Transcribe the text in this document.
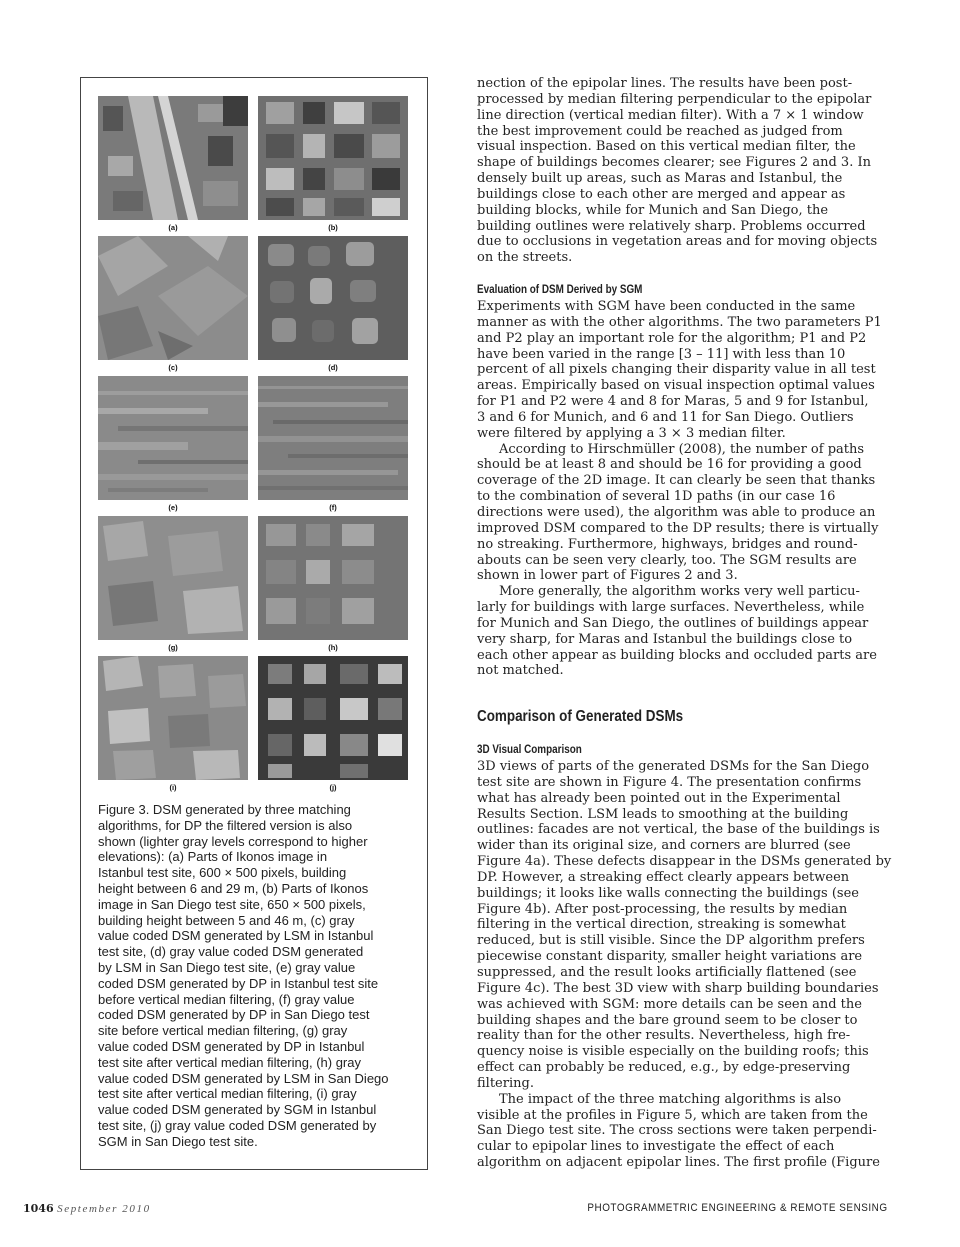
(a)	(b)
(c)	(d)
(e)	(f)
(g)	(h)
(i)	(j)
Figure 3. DSM generated by three matching
algorithms, for DP the filtered version is also
shown (lighter gray levels correspond to higher
elevations): (a) Parts of Ikonos image in
Istanbul test site, 600 × 500 pixels, building
height between 6 and 29 m, (b) Parts of Ikonos
image in San Diego test site, 650 × 500 pixels,
building height between 5 and 46 m, (c) gray
value coded DSM generated by LSM in Istanbul
test site, (d) gray value coded DSM generated
by LSM in San Diego test site, (e) gray value
coded DSM generated by DP in Istanbul test site
before vertical median filtering, (f) gray value
coded DSM generated by DP in San Diego test
site before vertical median filtering, (g) gray
value coded DSM generated by DP in Istanbul
test site after vertical median filtering, (h) gray
value coded DSM generated by LSM in San Diego
test site after vertical median filtering, (i) gray
value coded DSM generated by SGM in Istanbul
test site, (j) gray value coded DSM generated by
SGM in San Diego test site.
nection of the epipolar lines. The results have been post-
processed by median filtering perpendicular to the epipolar
line direction (vertical median filter). With a 7 × 1 window
the best improvement could be reached as judged from
visual inspection. Based on this vertical median filter, the
shape of buildings becomes clearer; see Figures 2 and 3. In
densely built up areas, such as Maras and Istanbul, the
buildings close to each other are merged and appear as
building blocks, while for Munich and San Diego, the
building outlines were relatively sharp. Problems occurred
due to occlusions in vegetation areas and for moving objects
on the streets.
Evaluation of DSM Derived by SGM
Experiments with SGM have been conducted in the same
manner as with the other algorithms. The two parameters P1
and P2 play an important role for the algorithm; P1 and P2
have been varied in the range [3 – 11] with less than 10
percent of all pixels changing their disparity value in all test
areas. Empirically based on visual inspection optimal values
for P1 and P2 were 4 and 8 for Maras, 5 and 9 for Istanbul,
3 and 6 for Munich, and 6 and 11 for San Diego. Outliers
were filtered by applying a 3 × 3 median filter.
According to Hirschmüller (2008), the number of paths
should be at least 8 and should be 16 for providing a good
coverage of the 2D image. It can clearly be seen that thanks
to the combination of several 1D paths (in our case 16
directions were used), the algorithm was able to produce an
improved DSM compared to the DP results; there is virtually
no streaking. Furthermore, highways, bridges and round-
abouts can be seen very clearly, too. The SGM results are
shown in lower part of Figures 2 and 3.
More generally, the algorithm works very well particu-
larly for buildings with large surfaces. Nevertheless, while
for Munich and San Diego, the outlines of buildings appear
very sharp, for Maras and Istanbul the buildings close to
each other appear as building blocks and occluded parts are
not matched.
Comparison of Generated DSMs
3D Visual Comparison
3D views of parts of the generated DSMs for the San Diego
test site are shown in Figure 4. The presentation confirms
what has already been pointed out in the Experimental
Results Section. LSM leads to smoothing at the building
outlines: facades are not vertical, the base of the buildings is
wider than its original size, and corners are blurred (see
Figure 4a). These defects disappear in the DSMs generated by
DP. However, a streaking effect clearly appears between
buildings; it looks like walls connecting the buildings (see
Figure 4b). After post-processing, the results by median
filtering in the vertical direction, streaking is somewhat
reduced, but is still visible. Since the DP algorithm prefers
piecewise constant disparity, smaller height variations are
suppressed, and the result looks artificially flattened (see
Figure 4c). The best 3D view with sharp building boundaries
was achieved with SGM: more details can be seen and the
building shapes and the bare ground seem to be closer to
reality than for the other results. Nevertheless, high fre-
quency noise is visible especially on the building roofs; this
effect can probably be reduced, e.g., by edge-preserving
filtering.
The impact of the three matching algorithms is also
visible at the profiles in Figure 5, which are taken from the
San Diego test site. The cross sections were taken perpendi-
cular to epipolar lines to investigate the effect of each
algorithm on adjacent epipolar lines. The first profile (Figure
1046 September 2010	PHOTOGRAMMETRIC ENGINEERING & REMOTE SENSING
